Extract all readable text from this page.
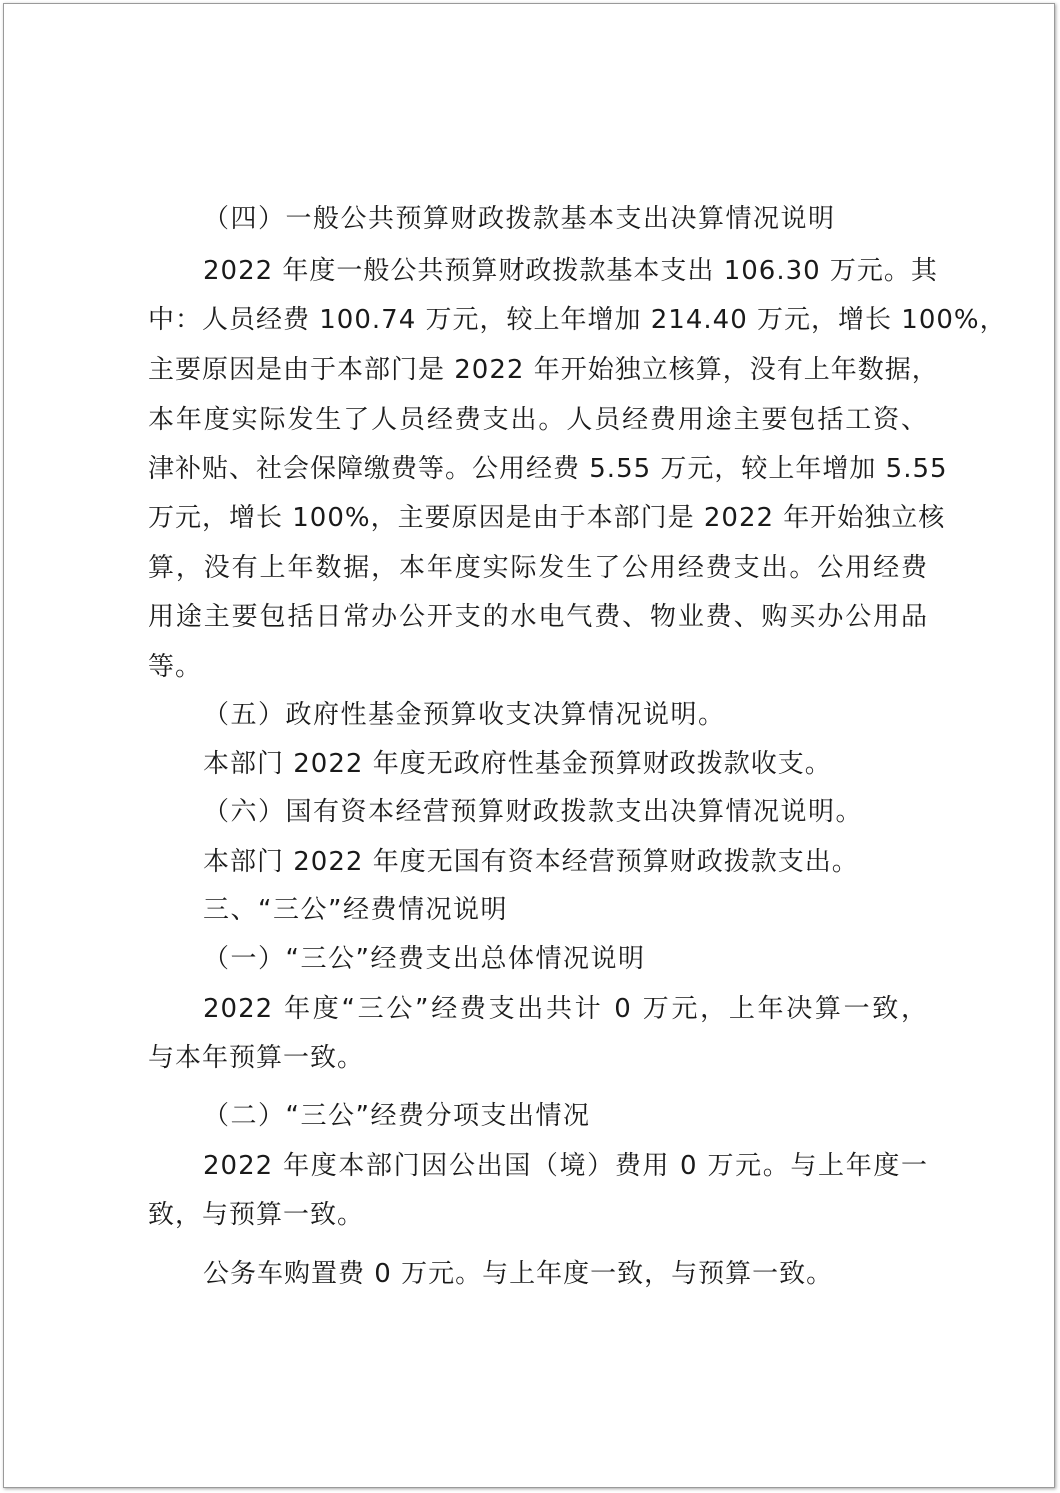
（四）一般公共预算财政拨款基本支出决算情况说明
2022 年度一般公共预算财政拨款基本支出 106.30 万元。其
中：人员经费 100.74 万元，较上年增加 214.40 万元，增长 100%，
主要原因是由于本部门是 2022 年开始独立核算，没有上年数据，
本年度实际发生了人员经费支出。人员经费用途主要包括工资、
津补贴、社会保障缴费等。公用经费 5.55 万元，较上年增加 5.55
万元，增长 100%，主要原因是由于本部门是 2022 年开始独立核
算，没有上年数据，本年度实际发生了公用经费支出。公用经费
用途主要包括日常办公开支的水电气费、物业费、购买办公用品
等。
（五）政府性基金预算收支决算情况说明。
本部门 2022 年度无政府性基金预算财政拨款收支。
（六）国有资本经营预算财政拨款支出决算情况说明。
本部门 2022 年度无国有资本经营预算财政拨款支出。
三、“三公”经费情况说明
（一）“三公”经费支出总体情况说明
2022 年度“三公”经费支出共计 0 万元，上年决算一致，
与本年预算一致。
（二）“三公”经费分项支出情况
2022 年度本部门因公出国（境）费用 0 万元。与上年度一
致，与预算一致。
公务车购置费 0 万元。与上年度一致，与预算一致。
